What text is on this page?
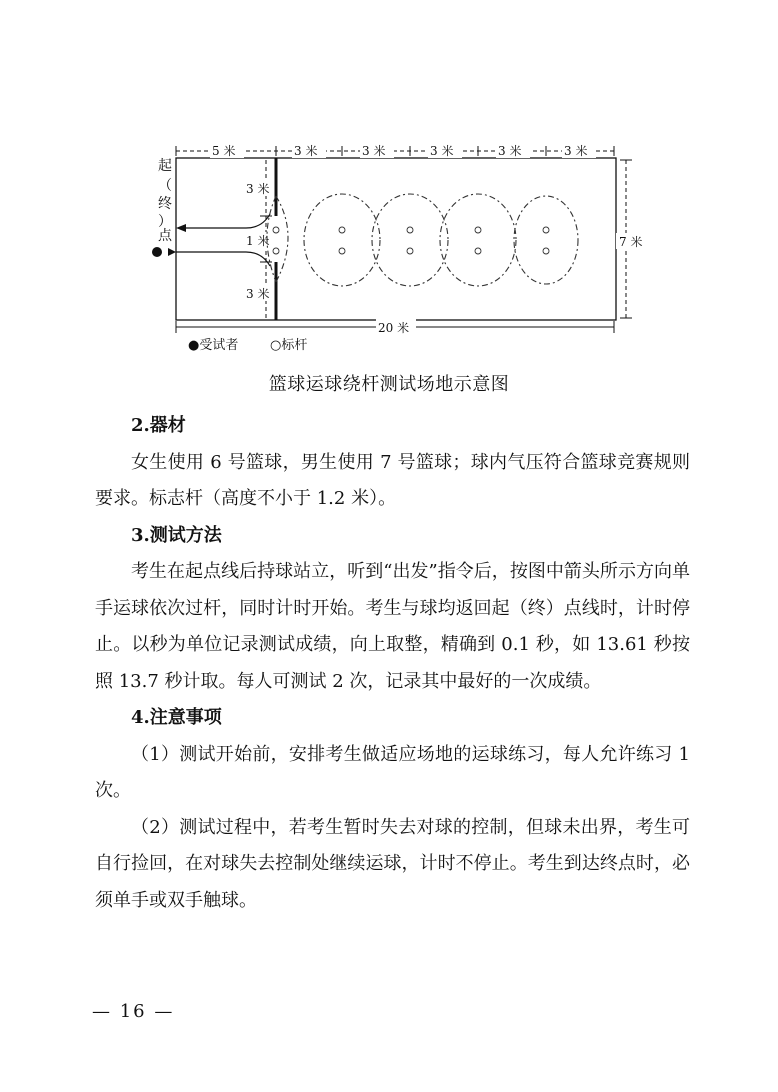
起
（
终
）
点
5 米	3 米	3 米	3 米	3 米	3 米
7 米
20 米
3 米
1 米
3 米
●受试者 ○标杆
篮球运球绕杆测试场地示意图

2.器材

女生使用 6 号篮球，男生使用 7 号篮球；球内气压符合篮球竞赛规则要求。标志杆（高度不小于 1.2 米）。

3.测试方法

考生在起点线后持球站立，听到“出发”指令后，按图中箭头所示方向单手运球依次过杆，同时计时开始。考生与球均返回起（终）点线时，计时停止。以秒为单位记录测试成绩，向上取整，精确到 0.1 秒，如 13.61 秒按照 13.7 秒计取。每人可测试 2 次，记录其中最好的一次成绩。

4.注意事项

（1）测试开始前，安排考生做适应场地的运球练习，每人允许练习 1 次。

（2）测试过程中，若考生暂时失去对球的控制，但球未出界，考生可自行捡回，在对球失去控制处继续运球，计时不停止。考生到达终点时，必须单手或双手触球。

— 16 —
